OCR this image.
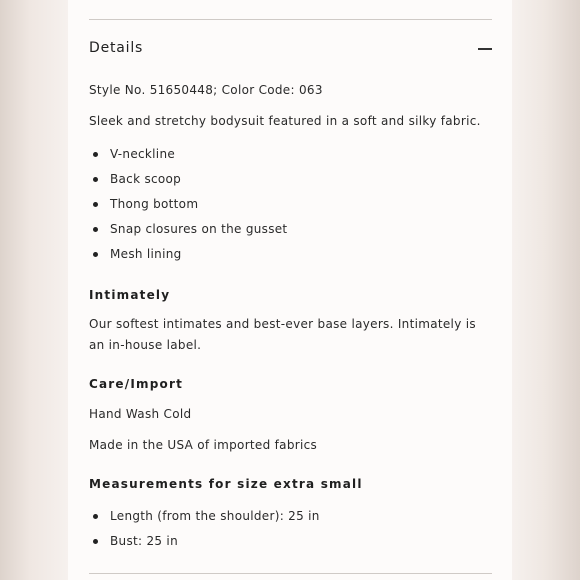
Details
Style No. 51650448; Color Code: 063
Sleek and stretchy bodysuit featured in a soft and silky fabric.
V-neckline
Back scoop
Thong bottom
Snap closures on the gusset
Mesh lining
Intimately
Our softest intimates and best-ever base layers. Intimately is an in-house label.
Care/Import
Hand Wash Cold
Made in the USA of imported fabrics
Measurements for size extra small
Length (from the shoulder): 25 in
Bust: 25 in
